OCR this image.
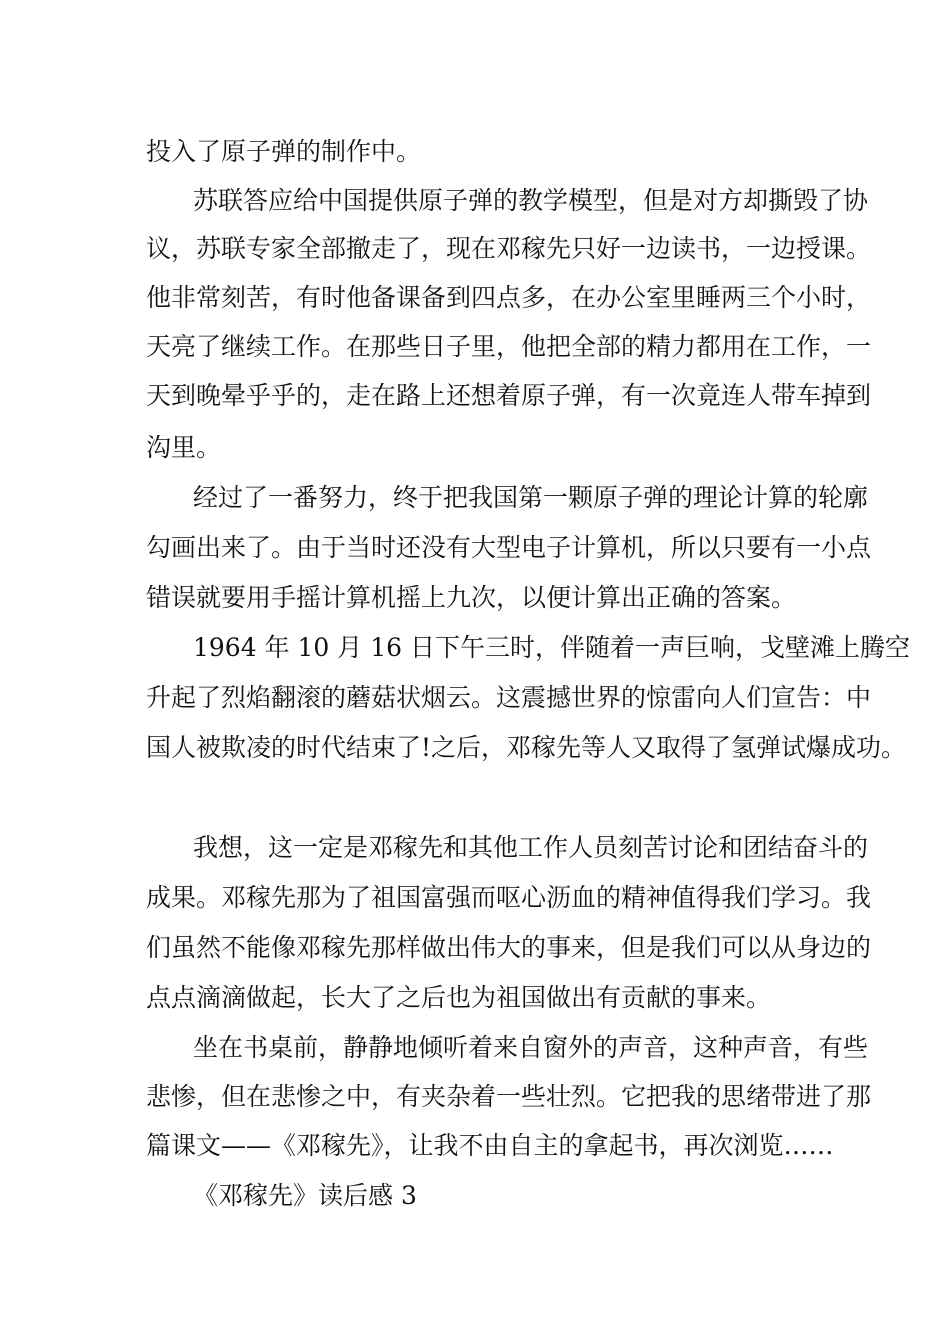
投入了原子弹的制作中。
苏联答应给中国提供原子弹的教学模型，但是对方却撕毁了协
议，苏联专家全部撤走了，现在邓稼先只好一边读书，一边授课。
他非常刻苦，有时他备课备到四点多，在办公室里睡两三个小时，
天亮了继续工作。在那些日子里，他把全部的精力都用在工作，一
天到晚晕乎乎的，走在路上还想着原子弹，有一次竟连人带车掉到
沟里。
经过了一番努力，终于把我国第一颗原子弹的理论计算的轮廓
勾画出来了。由于当时还没有大型电子计算机，所以只要有一小点
错误就要用手摇计算机摇上九次，以便计算出正确的答案。
1964 年 10 月 16 日下午三时，伴随着一声巨响，戈壁滩上腾空
升起了烈焰翻滚的蘑菇状烟云。这震撼世界的惊雷向人们宣告：中
国人被欺凌的时代结束了!之后，邓稼先等人又取得了氢弹试爆成功。
我想，这一定是邓稼先和其他工作人员刻苦讨论和团结奋斗的
成果。邓稼先那为了祖国富强而呕心沥血的精神值得我们学习。我
们虽然不能像邓稼先那样做出伟大的事来，但是我们可以从身边的
点点滴滴做起，长大了之后也为祖国做出有贡献的事来。
坐在书桌前，静静地倾听着来自窗外的声音，这种声音，有些
悲惨，但在悲惨之中，有夹杂着一些壮烈。它把我的思绪带进了那
篇课文——《邓稼先》，让我不由自主的拿起书，再次浏览……
《邓稼先》读后感 3
